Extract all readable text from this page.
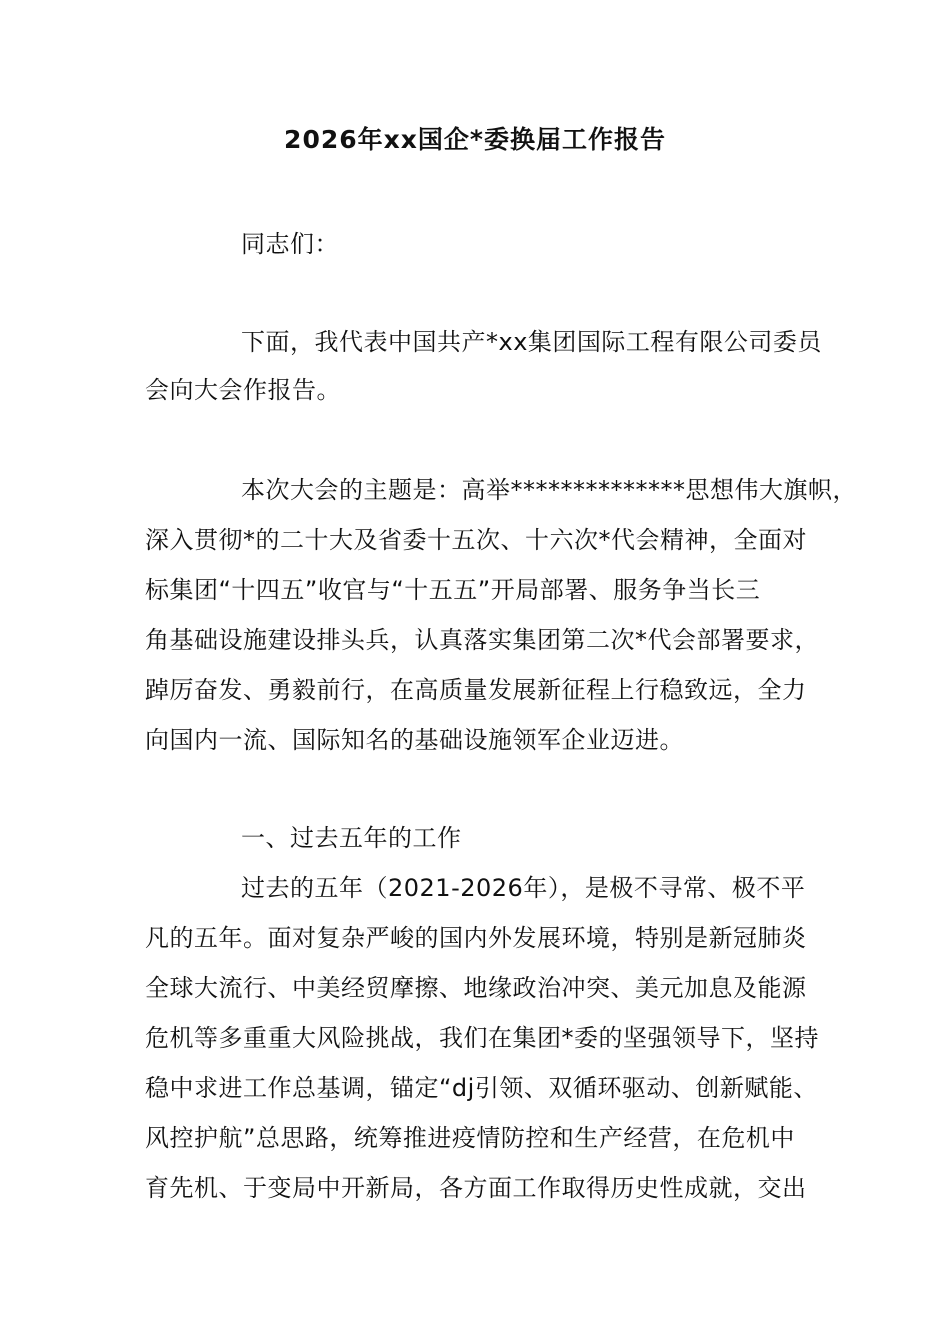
2026年xx国企*委换届工作报告
同志们：
下面，我代表中国共产*xx集团国际工程有限公司委员
会向大会作报告。
本次大会的主题是：高举**************思想伟大旗帜，
深入贯彻*的二十大及省委十五次、十六次*代会精神，全面对
标集团“十四五”收官与“十五五”开局部署、服务争当长三
角基础设施建设排头兵，认真落实集团第二次*代会部署要求，
踔厉奋发、勇毅前行，在高质量发展新征程上行稳致远，全力
向国内一流、国际知名的基础设施领军企业迈进。
一、过去五年的工作
过去的五年（2021-2026年），是极不寻常、极不平
凡的五年。面对复杂严峻的国内外发展环境，特别是新冠肺炎
全球大流行、中美经贸摩擦、地缘政治冲突、美元加息及能源
危机等多重重大风险挑战，我们在集团*委的坚强领导下，坚持
稳中求进工作总基调，锚定“dj引领、双循环驱动、创新赋能、
风控护航”总思路，统筹推进疫情防控和生产经营，在危机中
育先机、于变局中开新局，各方面工作取得历史性成就，交出
